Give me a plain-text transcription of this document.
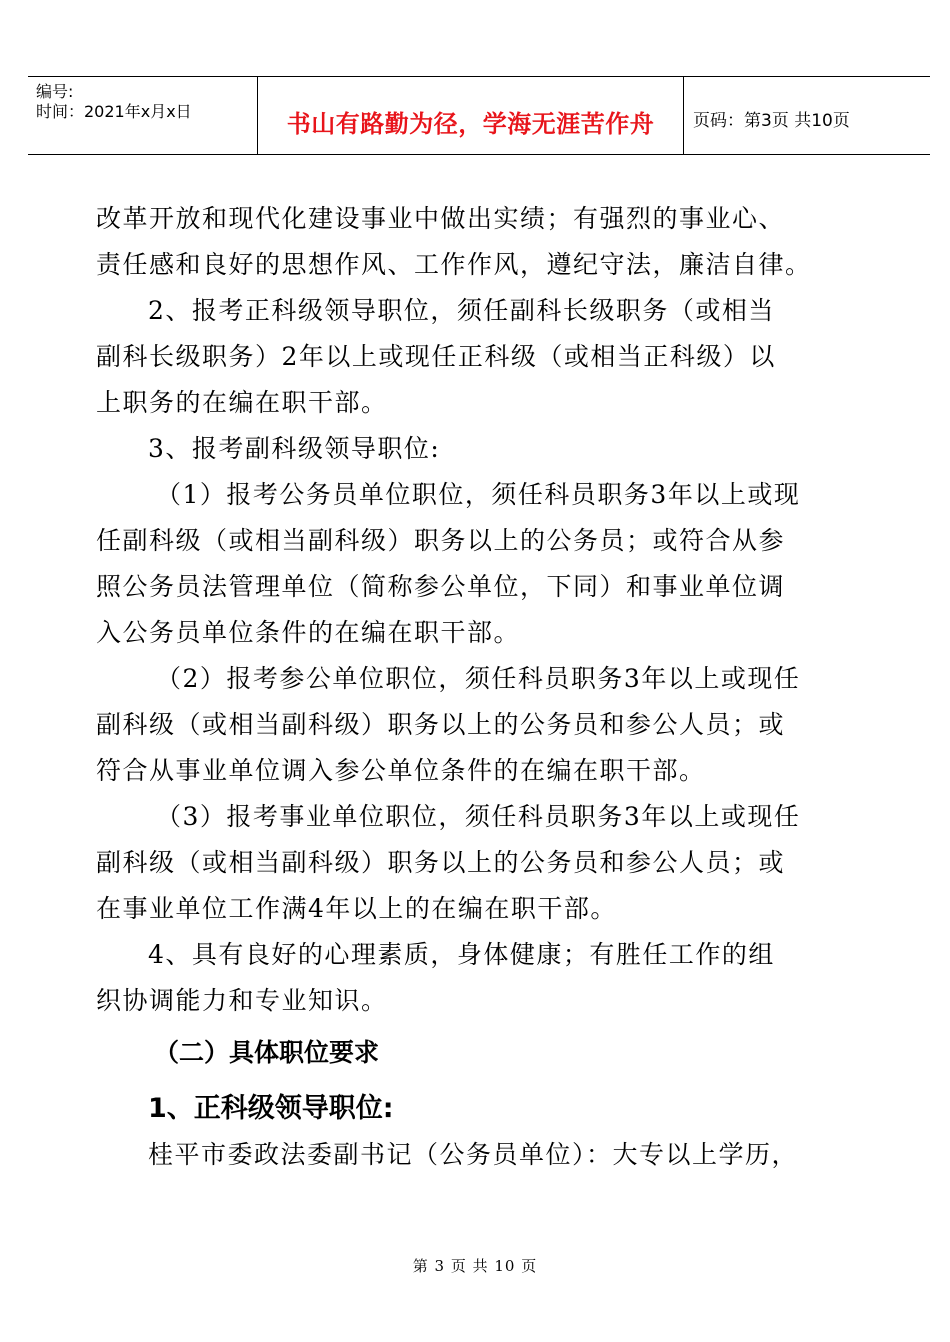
编号:
时间：2021年x月x日	书山有路勤为径，学海无涯苦作舟	页码：第3页 共10页

改革开放和现代化建设事业中做出实绩；有强烈的事业心、
责任感和良好的思想作风、工作作风，遵纪守法，廉洁自律。

2、报考正科级领导职位，须任副科长级职务（或相当
副科长级职务）2年以上或现任正科级（或相当正科级）以
上职务的在编在职干部。

3、报考副科级领导职位:

（1）报考公务员单位职位，须任科员职务3年以上或现
任副科级（或相当副科级）职务以上的公务员；或符合从参
照公务员法管理单位（简称参公单位，下同）和事业单位调
入公务员单位条件的在编在职干部。

（2）报考参公单位职位，须任科员职务3年以上或现任
副科级（或相当副科级）职务以上的公务员和参公人员；或
符合从事业单位调入参公单位条件的在编在职干部。

（3）报考事业单位职位，须任科员职务3年以上或现任
副科级（或相当副科级）职务以上的公务员和参公人员；或
在事业单位工作满4年以上的在编在职干部。

4、具有良好的心理素质，身体健康；有胜任工作的组
织协调能力和专业知识。

（二）具体职位要求

1、正科级领导职位:

桂平市委政法委副书记（公务员单位）：大专以上学历，

第 3 页 共 10 页
